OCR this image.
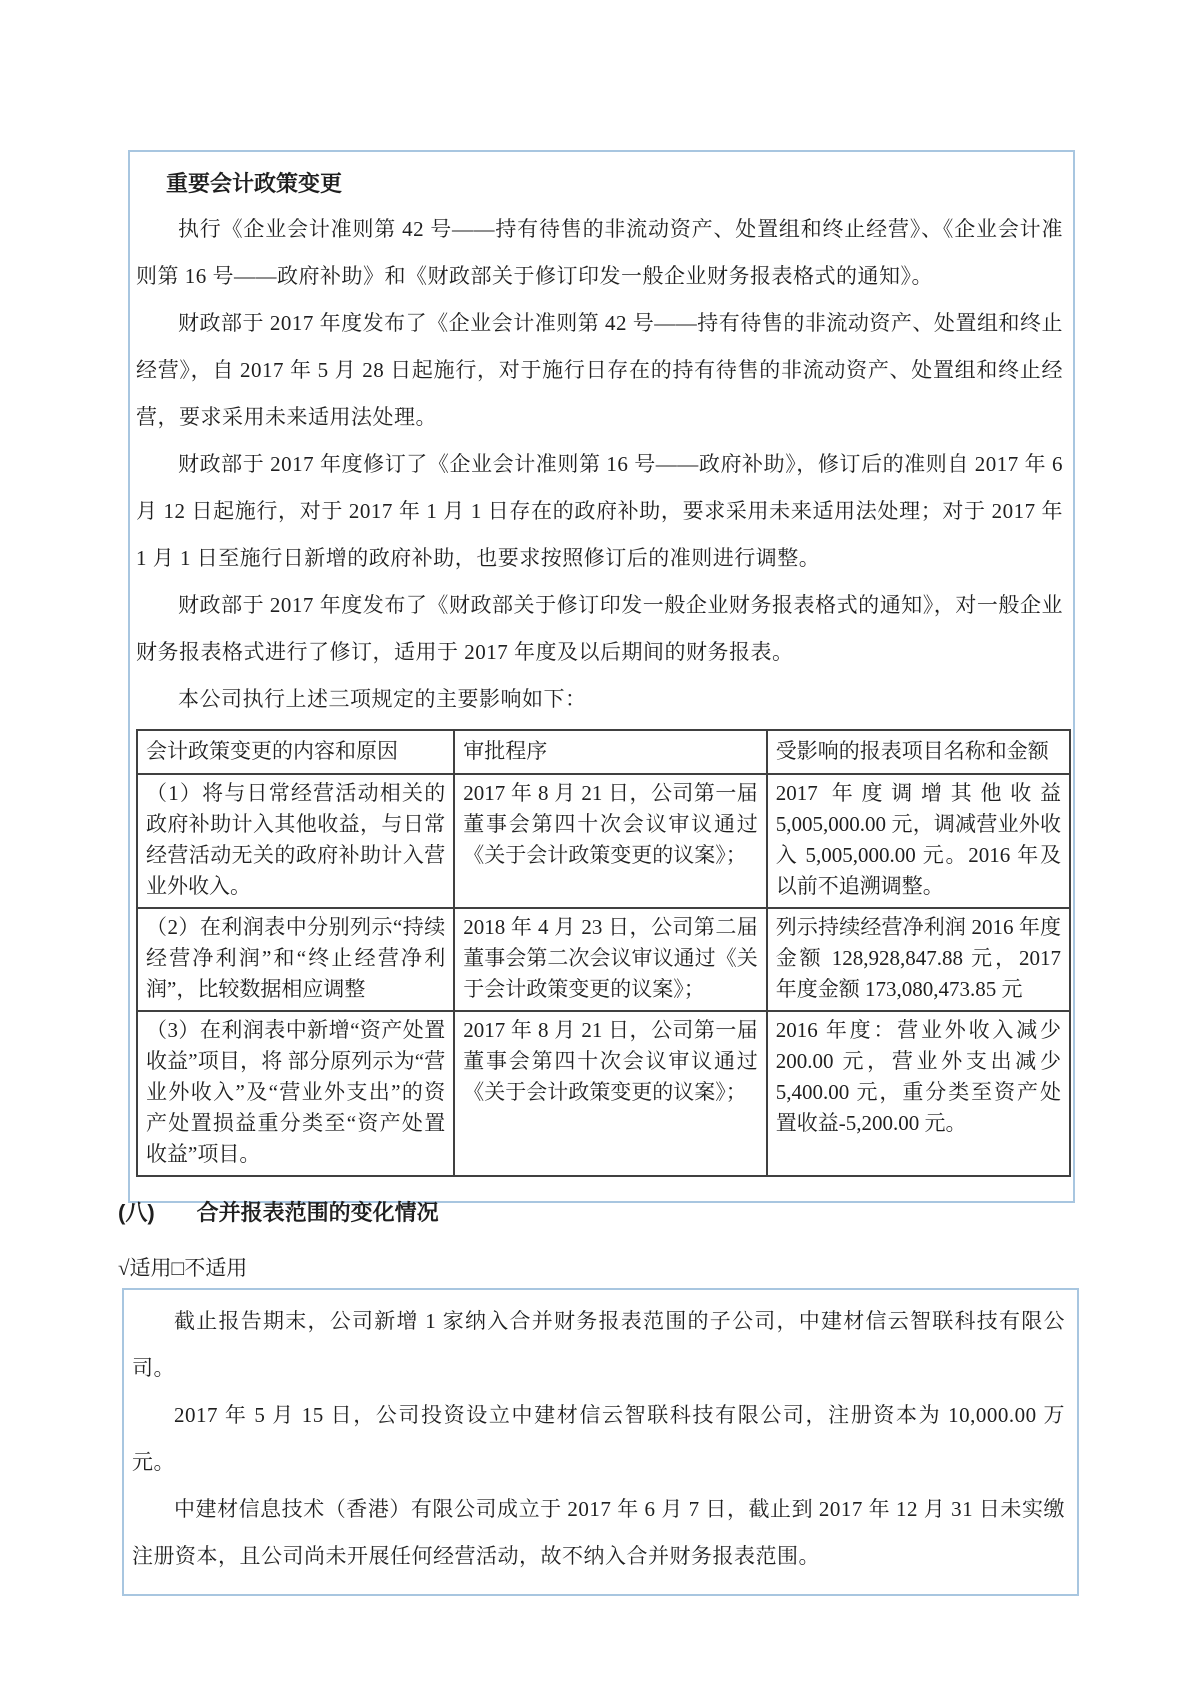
重要会计政策变更

执行《企业会计准则第 42 号——持有待售的非流动资产、处置组和终止经营》、《企业会计准则第 16 号——政府补助》和《财政部关于修订印发一般企业财务报表格式的通知》。

财政部于 2017 年度发布了《企业会计准则第 42 号——持有待售的非流动资产、处置组和终止经营》，自 2017 年 5 月 28 日起施行，对于施行日存在的持有待售的非流动资产、处置组和终止经营，要求采用未来适用法处理。

财政部于 2017 年度修订了《企业会计准则第 16 号——政府补助》，修订后的准则自 2017 年 6 月 12 日起施行，对于 2017 年 1 月 1 日存在的政府补助，要求采用未来适用法处理；对于 2017 年 1 月 1 日至施行日新增的政府补助，也要求按照修订后的准则进行调整。

财政部于 2017 年度发布了《财政部关于修订印发一般企业财务报表格式的通知》，对一般企业财务报表格式进行了修订，适用于 2017 年度及以后期间的财务报表。

本公司执行上述三项规定的主要影响如下：

会计政策变更的内容和原因	审批程序	受影响的报表项目名称和金额
（1）将与日常经营活动相关的政府补助计入其他收益，与日常经营活动无关的政府补助计入营业外收入。	2017 年 8 月 21 日，公司第一届董事会第四十次会议审议通过《关于会计政策变更的议案》；	2017 年度调增其他收益 5,005,000.00 元，调减营业外收入 5,005,000.00 元。2016 年及以前不追溯调整。
（2）在利润表中分别列示“持续经营净利润”和“终止经营净利润”，比较数据相应调整	2018 年 4 月 23 日，公司第二届董事会第二次会议审议通过《关于会计政策变更的议案》；	列示持续经营净利润 2016 年度金额 128,928,847.88 元，2017 年度金额 173,080,473.85 元
（3）在利润表中新增“资产处置收益”项目，将 部分原列示为“营业外收入”及“营业外支出”的资产处置损益重分类至“资产处置收益”项目。	2017 年 8 月 21 日，公司第一届董事会第四十次会议审议通过《关于会计政策变更的议案》；	2016 年度：营业外收入减少 200.00 元，营业外支出减少 5,400.00 元，重分类至资产处置收益-5,200.00 元。
(八) 合并报表范围的变化情况
√适用□不适用

截止报告期末，公司新增 1 家纳入合并财务报表范围的子公司，中建材信云智联科技有限公司。

2017 年 5 月 15 日，公司投资设立中建材信云智联科技有限公司，注册资本为 10,000.00 万元。

中建材信息技术（香港）有限公司成立于 2017 年 6 月 7 日，截止到 2017 年 12 月 31 日未实缴注册资本，且公司尚未开展任何经营活动，故不纳入合并财务报表范围。
